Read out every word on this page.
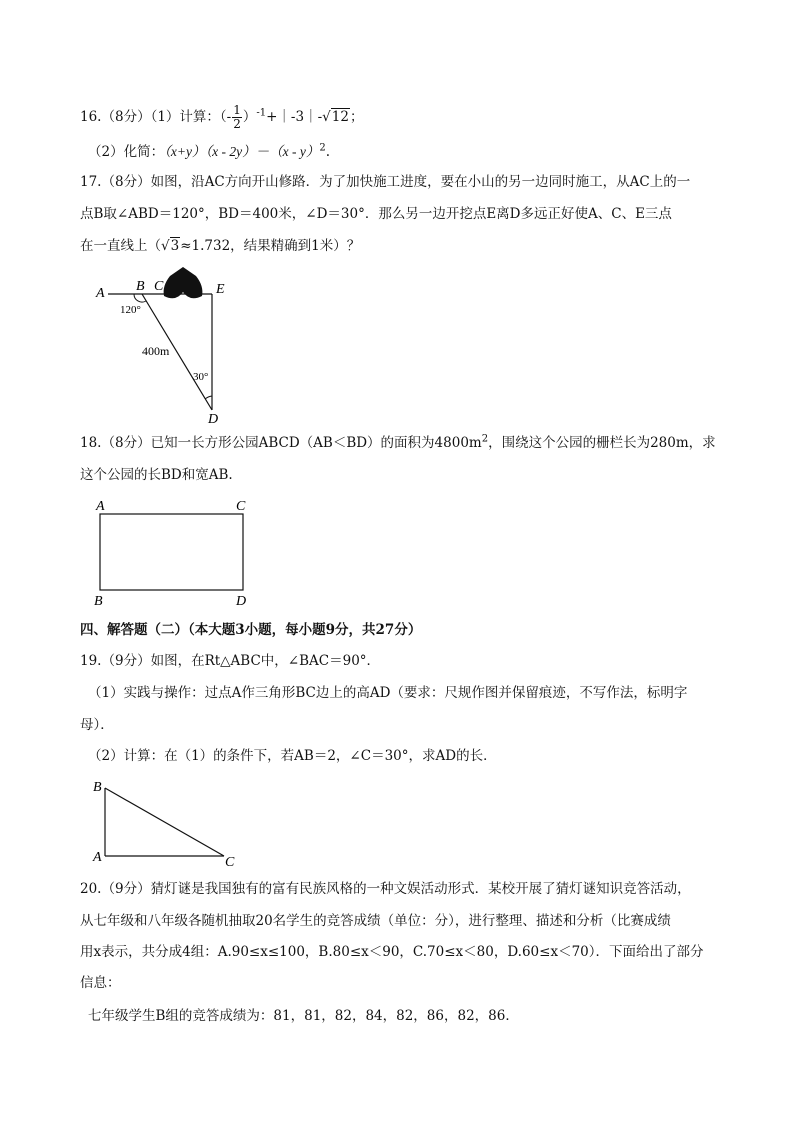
16.（8分）（1）计算：（- $\frac{1}{2}$ ）$^{-1}$+｜-3｜-√12；
（2）化简：（x+y）（x - 2y）－（x - y）$^2$.
17.（8分）如图，沿AC方向开山修路．为了加快施工进度，要在小山的另一边同时施工，从AC上的一
点B取∠ABD＝120°，BD＝400米，∠D＝30°．那么另一边开挖点E离D多远正好使A、C、E三点
在一直线上（√3≈1.732，结果精确到1米）？
A B C	E
D
120°
400m
30°
18.（8分）已知一长方形公园ABCD（AB＜BD）的面积为$4800m^2$，围绕这个公园的栅栏长为280m，求
这个公园的长BD和宽AB.
A	C
B	D
四、解答题（二）（本大题3小题，每小题9分，共27分）
19.（9分）如图，在Rt△ABC中，∠BAC＝90°．
（1）实践与操作：过点A作三角形BC边上的高AD（要求：尺规作图并保留痕迹，不写作法，标明字
母）．
（2）计算：在（1）的条件下，若AB＝2，∠C＝30°，求AD的长．
B
A	C
20.（9分）猜灯谜是我国独有的富有民族风格的一种文娱活动形式．某校开展了猜灯谜知识竞答活动，
从七年级和八年级各随机抽取20名学生的竞答成绩（单位：分），进行整理、描述和分析（比赛成绩
用x表示，共分成4组：A.90≤x≤100，B.80≤x＜90，C.70≤x＜80，D.60≤x＜70）．下面给出了部分
信息：
七年级学生B组的竞答成绩为：81，81，82，84，82，86，82，86．
